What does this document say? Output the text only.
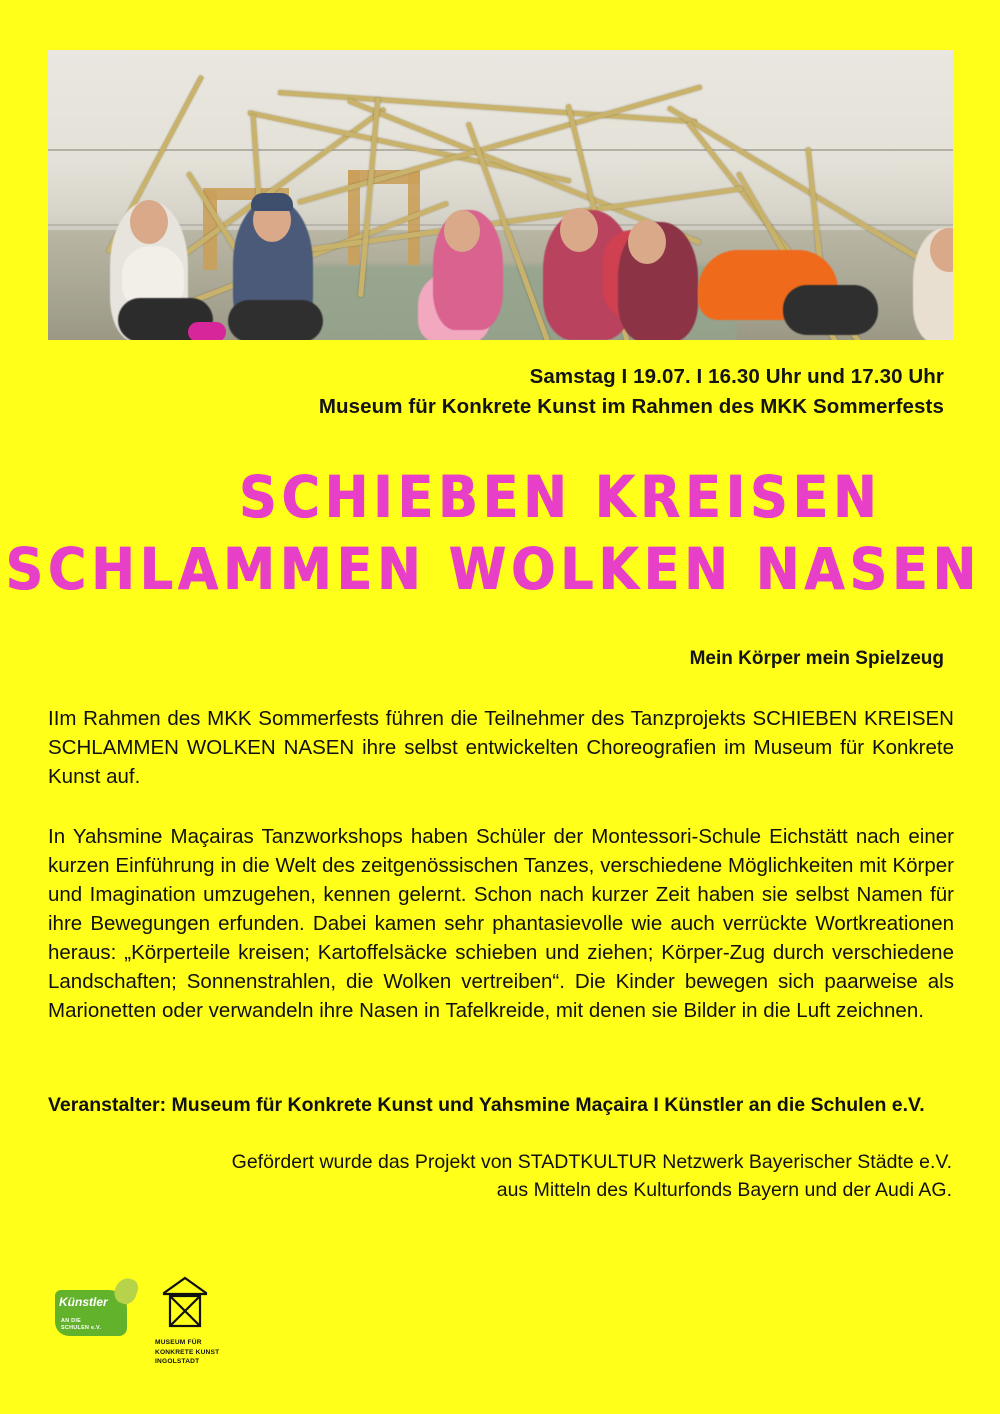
Samstag I 19.07. I 16.30 Uhr und 17.30 Uhr
Museum für Konkrete Kunst im Rahmen des MKK Sommerfests
SCHIEBEN KREISEN
SCHLAMMEN WOLKEN NASEN
Mein Körper mein Spielzeug
IIm Rahmen des MKK Sommerfests führen die Teilnehmer des Tanzprojekts SCHIEBEN KREISEN SCHLAMMEN WOLKEN NASEN ihre selbst entwickelten Choreografien im Museum für Konkrete Kunst auf.
In Yahsmine Maçairas Tanzworkshops haben Schüler der Montessori-Schule Eichstätt nach einer kurzen Einführung in die Welt des zeitgenössischen Tanzes, verschiedene Möglichkeiten mit Körper und Imagination umzugehen, kennen gelernt. Schon nach kurzer Zeit haben sie selbst Namen für ihre Bewegungen erfunden. Dabei kamen sehr phantasievolle wie auch verrückte Wortkreationen heraus: „Körperteile kreisen; Kartoffelsäcke schieben und ziehen; Körper-Zug durch verschiedene Landschaften; Sonnenstrahlen, die Wolken vertreiben“. Die Kinder bewegen sich paarweise als Marionetten oder verwandeln ihre Nasen in Tafelkreide, mit denen sie Bilder in die Luft zeichnen.
Veranstalter: Museum für Konkrete Kunst und Yahsmine Maçaira I Künstler an die Schulen e.V.
Gefördert wurde das Projekt von STADTKULTUR Netzwerk Bayerischer Städte e.V.
aus Mitteln des Kulturfonds Bayern und der Audi AG.
Künstler
AN DIE
SCHULEN e.V.
MUSEUM FÜR
KONKRETE KUNST
INGOLSTADT
